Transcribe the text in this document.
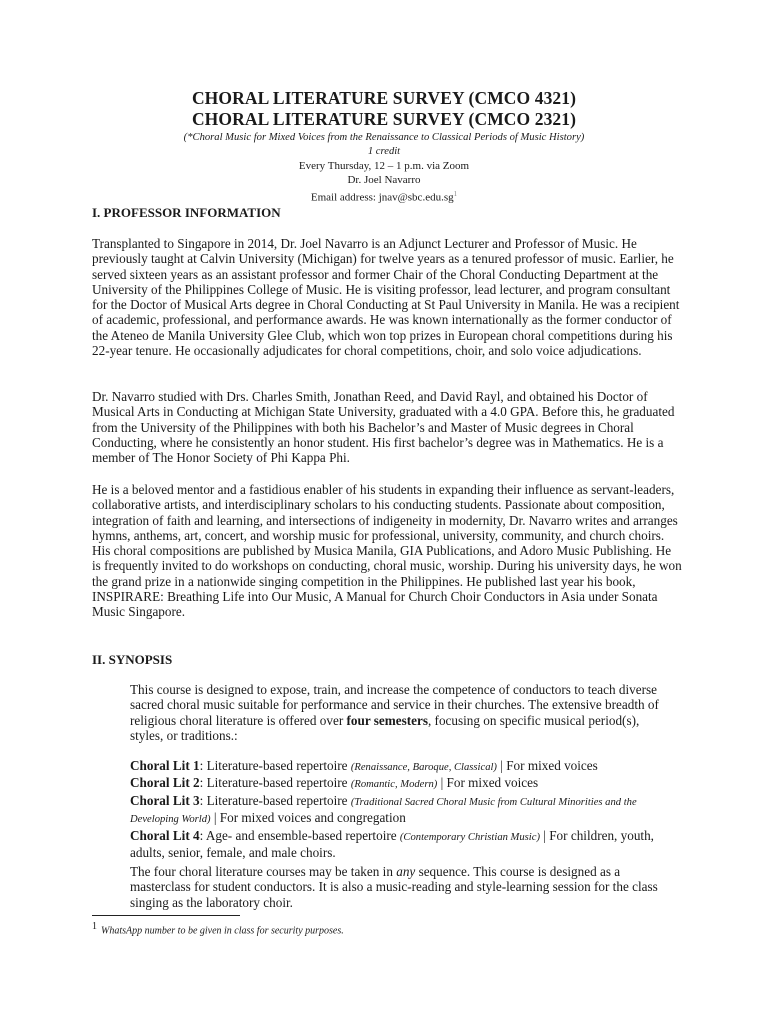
CHORAL LITERATURE SURVEY (CMCO 4321)
CHORAL LITERATURE SURVEY (CMCO 2321)
(*Choral Music for Mixed Voices from the Renaissance to Classical Periods of Music History)
1 credit
Every Thursday, 12 – 1 p.m. via Zoom
Dr. Joel Navarro
Email address: jnav@sbc.edu.sg$^1$
I. PROFESSOR INFORMATION

Transplanted to Singapore in 2014, Dr. Joel Navarro is an Adjunct Lecturer and Professor of Music. He previously taught at Calvin University (Michigan) for twelve years as a tenured professor of music. Earlier, he served sixteen years as an assistant professor and former Chair of the Choral Conducting Department at the University of the Philippines College of Music. He is visiting professor, lead lecturer, and program consultant for the Doctor of Musical Arts degree in Choral Conducting at St Paul University in Manila. He was a recipient of academic, professional, and performance awards. He was known internationally as the former conductor of the Ateneo de Manila University Glee Club, which won top prizes in European choral competitions during his 22-year tenure. He occasionally adjudicates for choral competitions, choir, and solo voice adjudications.

Dr. Navarro studied with Drs. Charles Smith, Jonathan Reed, and David Rayl, and obtained his Doctor of Musical Arts in Conducting at Michigan State University, graduated with a 4.0 GPA. Before this, he graduated from the University of the Philippines with both his Bachelor’s and Master of Music degrees in Choral Conducting, where he consistently an honor student. His first bachelor’s degree was in Mathematics. He is a member of The Honor Society of Phi Kappa Phi.

He is a beloved mentor and a fastidious enabler of his students in expanding their influence as servant-leaders, collaborative artists, and interdisciplinary scholars to his conducting students. Passionate about composition, integration of faith and learning, and intersections of indigeneity in modernity, Dr. Navarro writes and arranges hymns, anthems, art, concert, and worship music for professional, university, community, and church choirs. His choral compositions are published by Musica Manila, GIA Publications, and Adoro Music Publishing. He is frequently invited to do workshops on conducting, choral music, worship. During his university days, he won the grand prize in a nationwide singing competition in the Philippines. He published last year his book, INSPIRARE: Breathing Life into Our Music, A Manual for Church Choir Conductors in Asia under Sonata Music Singapore.

II. SYNOPSIS

This course is designed to expose, train, and increase the competence of conductors to teach diverse sacred choral music suitable for performance and service in their churches. The extensive breadth of religious choral literature is offered over four semesters, focusing on specific musical period(s), styles, or traditions.:

Choral Lit 1: Literature-based repertoire (Renaissance, Baroque, Classical) | For mixed voices

Choral Lit 2: Literature-based repertoire (Romantic, Modern) | For mixed voices

Choral Lit 3: Literature-based repertoire (Traditional Sacred Choral Music from Cultural Minorities and the Developing World) | For mixed voices and congregation

Choral Lit 4: Age- and ensemble-based repertoire (Contemporary Christian Music) | For children, youth, adults, senior, female, and male choirs.

The four choral literature courses may be taken in any sequence. This course is designed as a masterclass for student conductors. It is also a music-reading and style-learning session for the class singing as the laboratory choir.

1 WhatsApp number to be given in class for security purposes.
